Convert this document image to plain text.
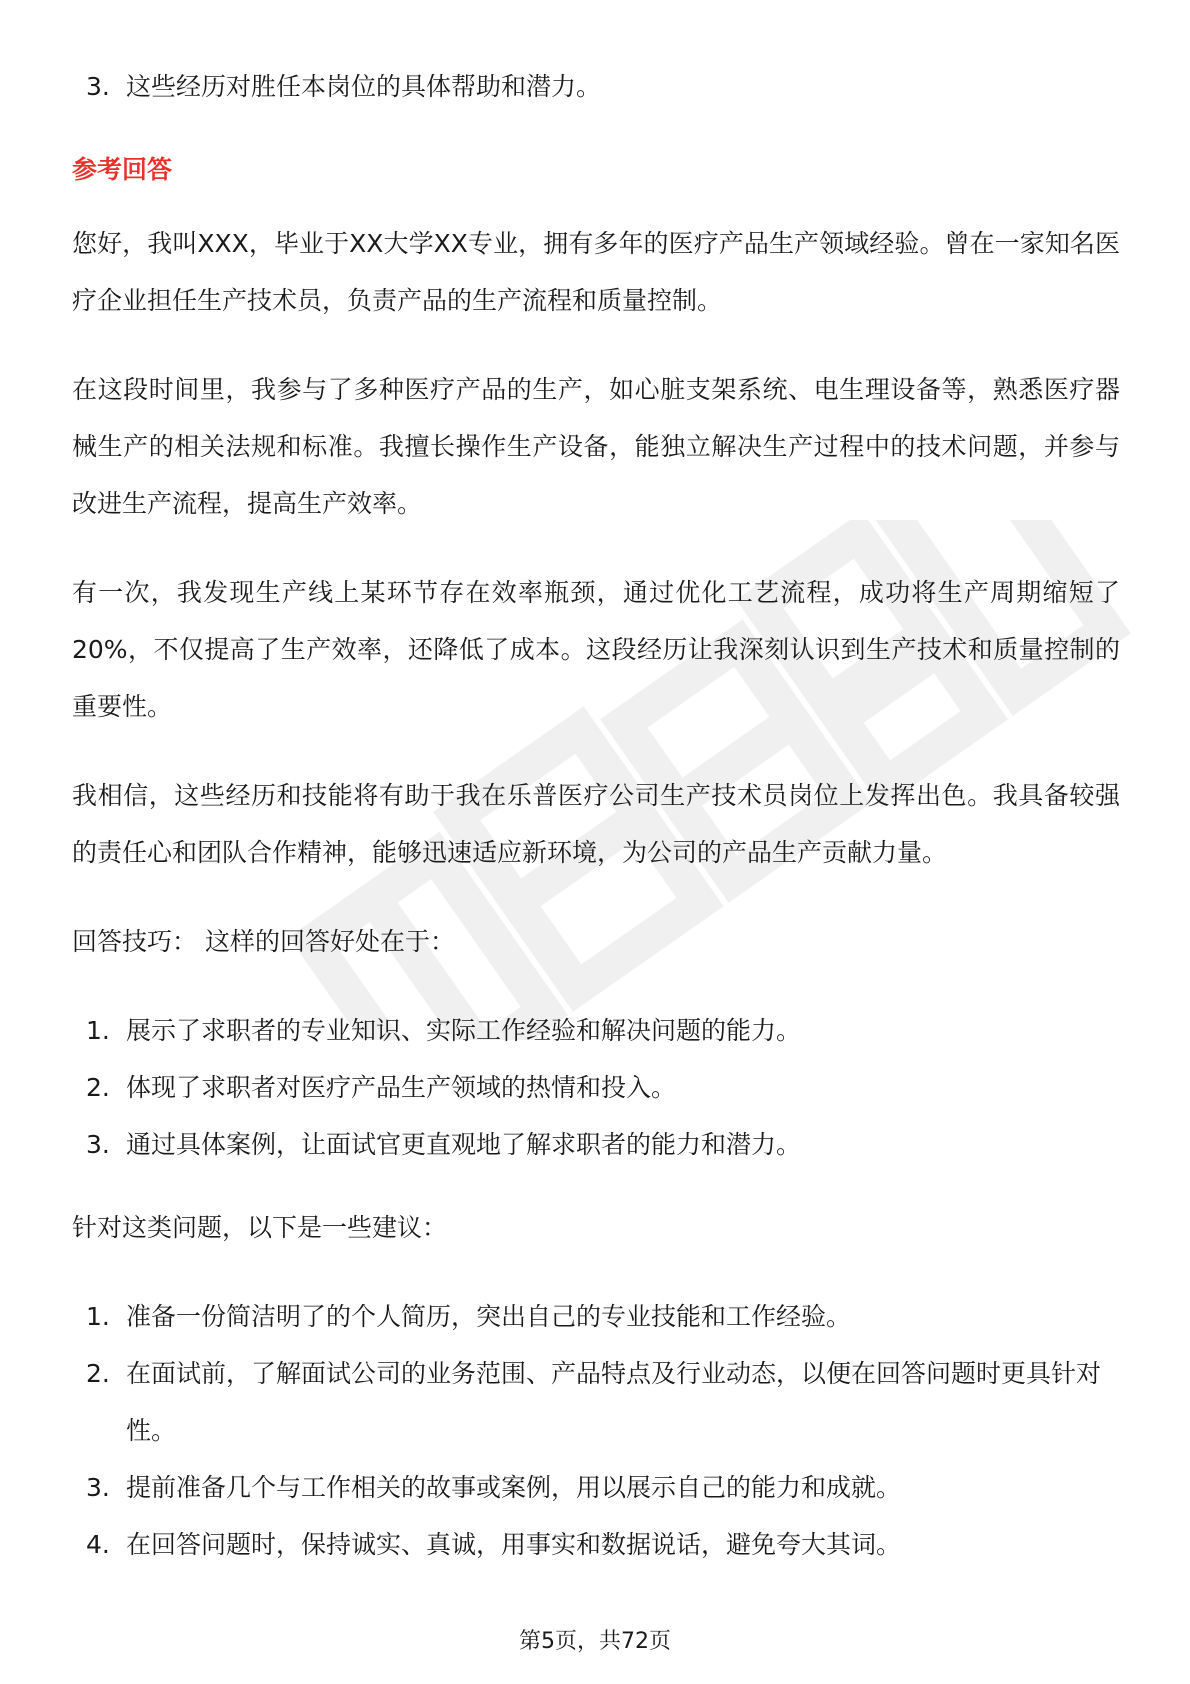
3. 这些经历对胜任本岗位的具体帮助和潜力。
参考回答

您好，我叫XXX，毕业于XX大学XX专业，拥有多年的医疗产品生产领域经验。曾在一家知名医疗企业担任生产技术员，负责产品的生产流程和质量控制。

在这段时间里，我参与了多种医疗产品的生产，如心脏支架系统、电生理设备等，熟悉医疗器械生产的相关法规和标准。我擅长操作生产设备，能独立解决生产过程中的技术问题，并参与改进生产流程，提高生产效率。

有一次，我发现生产线上某环节存在效率瓶颈，通过优化工艺流程，成功将生产周期缩短了20%，不仅提高了生产效率，还降低了成本。这段经历让我深刻认识到生产技术和质量控制的重要性。

我相信，这些经历和技能将有助于我在乐普医疗公司生产技术员岗位上发挥出色。我具备较强的责任心和团队合作精神，能够迅速适应新环境，为公司的产品生产贡献力量。

回答技巧： 这样的回答好处在于：

1. 展示了求职者的专业知识、实际工作经验和解决问题的能力。
2. 体现了求职者对医疗产品生产领域的热情和投入。
3. 通过具体案例，让面试官更直观地了解求职者的能力和潜力。

针对这类问题，以下是一些建议：

1. 准备一份简洁明了的个人简历，突出自己的专业技能和工作经验。
2. 在面试前，了解面试公司的业务范围、产品特点及行业动态，以便在回答问题时更具针对性。
3. 提前准备几个与工作相关的故事或案例，用以展示自己的能力和成就。
4. 在回答问题时，保持诚实、真诚，用事实和数据说话，避免夸大其词。
第5页，共72页
